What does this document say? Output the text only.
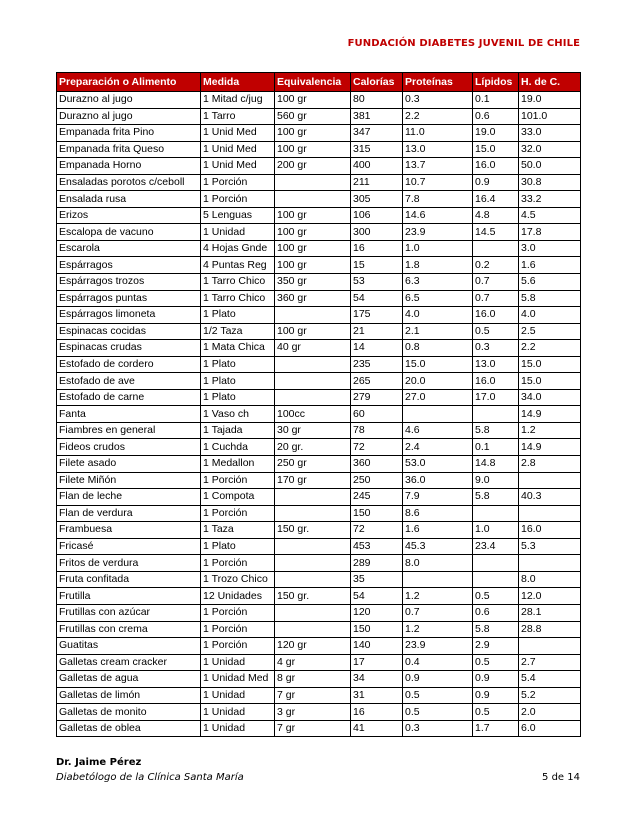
FUNDACIÓN DIABETES JUVENIL DE CHILE
Preparación o Alimento	Medida	Equivalencia	Calorías	Proteínas	Lípidos	H. de C.
Durazno al jugo	1 Mitad c/jug	100 gr	80	0.3	0.1	19.0
Durazno al jugo	1 Tarro	560 gr	381	2.2	0.6	101.0
Empanada frita Pino	1 Unid Med	100 gr	347	11.0	19.0	33.0
Empanada frita Queso	1 Unid Med	100 gr	315	13.0	15.0	32.0
Empanada Horno	1 Unid Med	200 gr	400	13.7	16.0	50.0
Ensaladas porotos c/ceboll	1 Porción		211	10.7	0.9	30.8
Ensalada rusa	1 Porción		305	7.8	16.4	33.2
Erizos	5 Lenguas	100 gr	106	14.6	4.8	4.5
Escalopa de vacuno	1 Unidad	100 gr	300	23.9	14.5	17.8
Escarola	4 Hojas Gnde	100 gr	16	1.0		3.0
Espárragos	4 Puntas Reg	100 gr	15	1.8	0.2	1.6
Espárragos trozos	1 Tarro Chico	350 gr	53	6.3	0.7	5.6
Espárragos puntas	1 Tarro Chico	360 gr	54	6.5	0.7	5.8
Espárragos limoneta	1 Plato		175	4.0	16.0	4.0
Espinacas cocidas	1/2 Taza	100 gr	21	2.1	0.5	2.5
Espinacas crudas	1 Mata Chica	40 gr	14	0.8	0.3	2.2
Estofado de cordero	1 Plato		235	15.0	13.0	15.0
Estofado de ave	1 Plato		265	20.0	16.0	15.0
Estofado de carne	1 Plato		279	27.0	17.0	34.0
Fanta	1 Vaso ch	100cc	60			14.9
Fiambres en general	1 Tajada	30 gr	78	4.6	5.8	1.2
Fideos crudos	1 Cuchda	20 gr.	72	2.4	0.1	14.9
Filete asado	1 Medallon	250 gr	360	53.0	14.8	2.8
Filete Miñón	1 Porción	170 gr	250	36.0	9.0	
Flan de leche	1 Compota		245	7.9	5.8	40.3
Flan de verdura	1 Porción		150	8.6		
Frambuesa	1 Taza	150 gr.	72	1.6	1.0	16.0
Fricasé	1 Plato		453	45.3	23.4	5.3
Fritos de verdura	1 Porción		289	8.0		
Fruta confitada	1 Trozo Chico		35			8.0
Frutilla	12 Unidades	150 gr.	54	1.2	0.5	12.0
Frutillas con azúcar	1 Porción		120	0.7	0.6	28.1
Frutillas con crema	1 Porción		150	1.2	5.8	28.8
Guatitas	1 Porción	120 gr	140	23.9	2.9	
Galletas cream cracker	1 Unidad	4 gr	17	0.4	0.5	2.7
Galletas de agua	1 Unidad Med	8 gr	34	0.9	0.9	5.4
Galletas de limón	1 Unidad	7 gr	31	0.5	0.9	5.2
Galletas de monito	1 Unidad	3 gr	16	0.5	0.5	2.0
Galletas de oblea	1 Unidad	7 gr	41	0.3	1.7	6.0
Dr. Jaime Pérez
Diabetólogo de la Clínica Santa María	5 de 14
